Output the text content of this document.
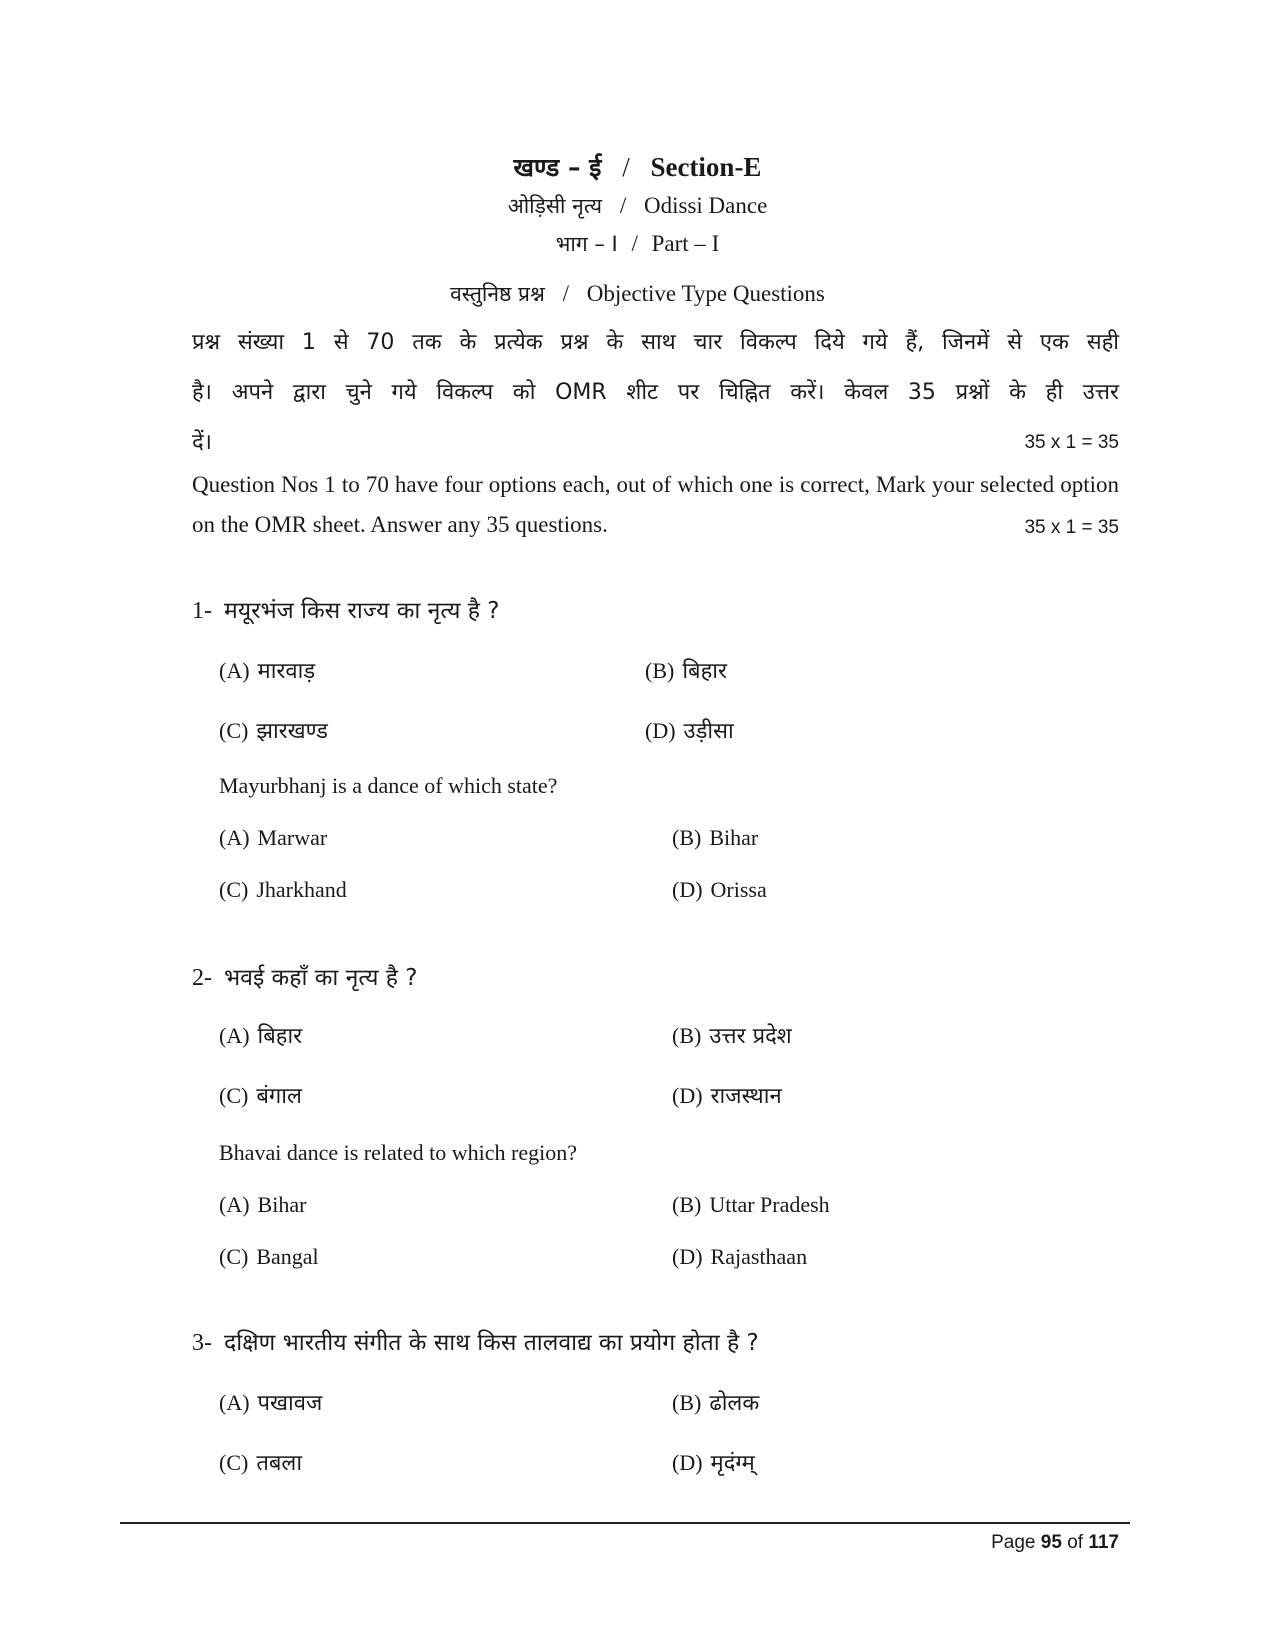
खण्ड – ई / Section-E
ओड़िसी नृत्य / Odissi Dance
भाग – I / Part – I
वस्तुनिष्ठ प्रश्न / Objective Type Questions
प्रश्न संख्या 1 से 70 तक के प्रत्येक प्रश्न के साथ चार विकल्प दिये गये हैं, जिनमें से एक सही
है। अपने द्वारा चुने गये विकल्प को OMR शीट पर चिह्नित करें। केवल 35 प्रश्नों के ही उत्तर
दें।	35 x 1 = 35
Question Nos 1 to 70 have four options each, out of which one is correct, Mark your selected option
on the OMR sheet. Answer any 35 questions.	35 x 1 = 35
1- मयूरभंज किस राज्य का नृत्य है ?
(A) मारवाड़	(B) बिहार
(C) झारखण्ड	(D) उड़ीसा
Mayurbhanj is a dance of which state?
(A) Marwar	(B) Bihar
(C) Jharkhand	(D) Orissa
2- भवई कहाँ का नृत्य है ?
(A) बिहार	(B) उत्तर प्रदेश
(C) बंगाल	(D) राजस्थान
Bhavai dance is related to which region?
(A) Bihar	(B) Uttar Pradesh
(C) Bangal	(D) Rajasthaan
3- दक्षिण भारतीय संगीत के साथ किस तालवाद्य का प्रयोग होता है ?
(A) पखावज	(B) ढोलक
(C) तबला	(D) मृदंग्म्
Page 95 of 117
